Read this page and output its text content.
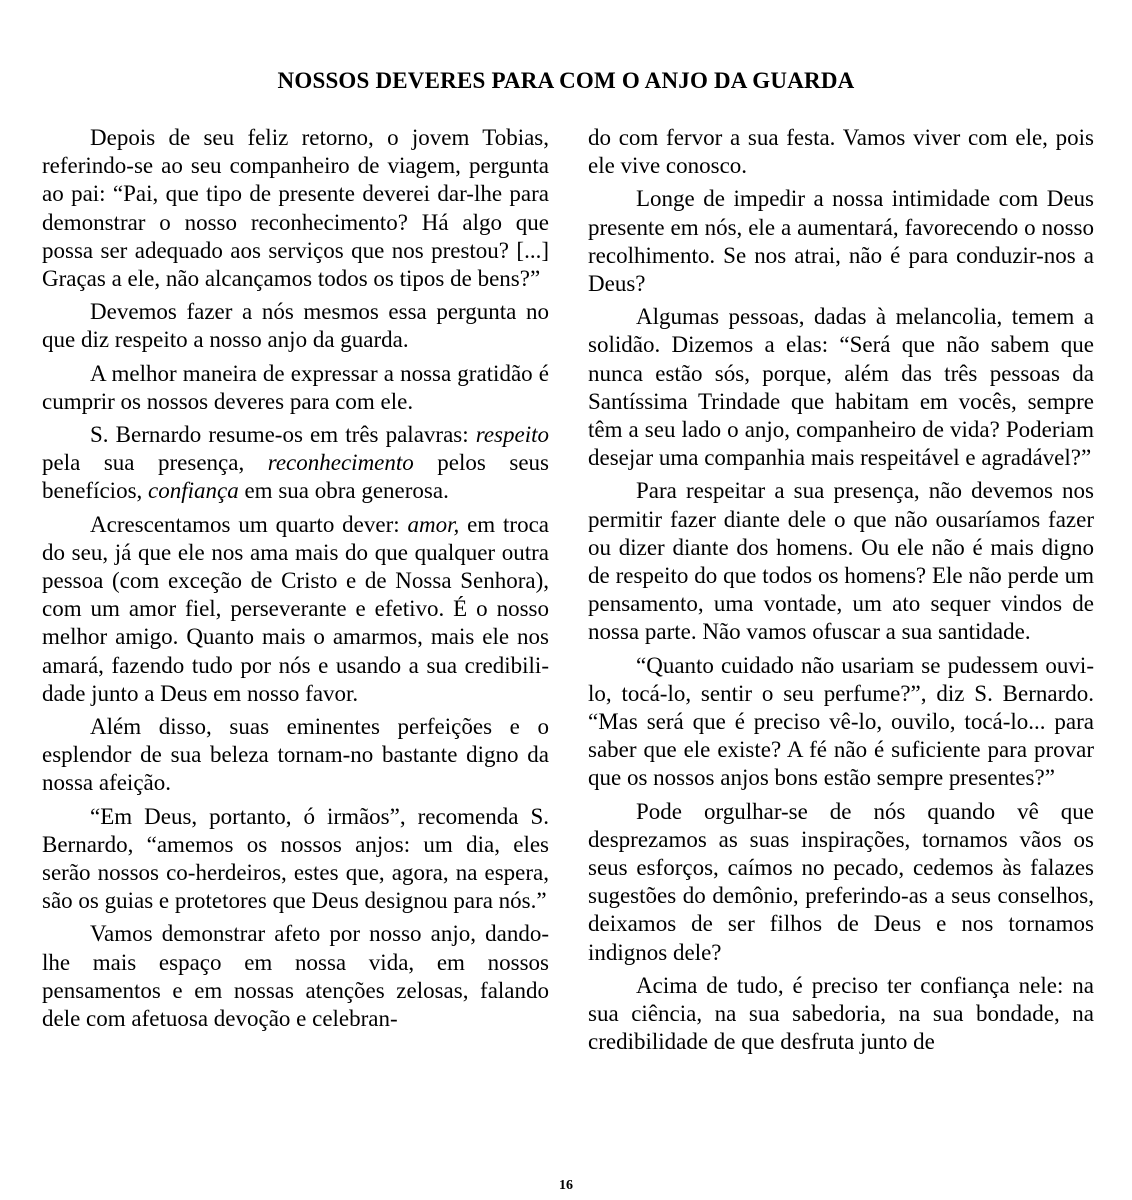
NOSSOS DEVERES PARA COM O ANJO DA GUARDA

Depois de seu feliz retorno, o jovem Tobias, referindo-se ao seu companheiro de viagem, pergunta ao pai: “Pai, que tipo de presente deverei dar-lhe para demonstrar o nosso reconhecimento? Há algo que possa ser adequado aos serviços que nos prestou? [...] Graças a ele, não alcançamos todos os tipos de bens?”

Devemos fazer a nós mesmos essa pergunta no que diz respeito a nosso anjo da guarda.

A melhor maneira de expressar a nossa gratidão é cumprir os nossos deveres para com ele.

S. Bernardo resume-os em três palavras: respeito pela sua presença, reconhecimento pelos seus benefícios, confiança em sua obra generosa.

Acrescentamos um quarto dever: amor, em troca do seu, já que ele nos ama mais do que qualquer outra pessoa (com exceção de Cristo e de Nossa Senhora), com um amor fiel, perseverante e efetivo. É o nosso melhor amigo. Quanto mais o amarmos, mais ele nos amará, fazendo tudo por nós e usando a sua credibilidade junto a Deus em nosso favor.

Além disso, suas eminentes perfeições e o esplendor de sua beleza tornam-no bastante digno da nossa afeição.

“Em Deus, portanto, ó irmãos”, recomenda S. Bernardo, “amemos os nossos anjos: um dia, eles serão nossos co-herdeiros, estes que, agora, na espera, são os guias e protetores que Deus designou para nós.”

Vamos demonstrar afeto por nosso anjo, dando-lhe mais espaço em nossa vida, em nossos pensamentos e em nossas atenções zelosas, falando dele com afetuosa devoção e celebran-

do com fervor a sua festa. Vamos viver com ele, pois ele vive conosco.

Longe de impedir a nossa intimidade com Deus presente em nós, ele a aumentará, favorecendo o nosso recolhimento. Se nos atrai, não é para conduzir-nos a Deus?

Algumas pessoas, dadas à melancolia, temem a solidão. Dizemos a elas: “Será que não sabem que nunca estão sós, porque, além das três pessoas da Santíssima Trindade que habitam em vocês, sempre têm a seu lado o anjo, companheiro de vida? Poderiam desejar uma companhia mais respeitável e agradável?”

Para respeitar a sua presença, não devemos nos permitir fazer diante dele o que não ousaríamos fazer ou dizer diante dos homens. Ou ele não é mais digno de respeito do que todos os homens? Ele não perde um pensamento, uma vontade, um ato sequer vindos de nossa parte. Não vamos ofuscar a sua santidade.

“Quanto cuidado não usariam se pudessem ouvi-lo, tocá-lo, sentir o seu perfume?”, diz S. Bernardo. “Mas será que é preciso vê-lo, ouvilo, tocá-lo... para saber que ele existe? A fé não é suficiente para provar que os nossos anjos bons estão sempre presentes?”

Pode orgulhar-se de nós quando vê que desprezamos as suas inspirações, tornamos vãos os seus esforços, caímos no pecado, cedemos às falazes sugestões do demônio, preferindo-as a seus conselhos, deixamos de ser filhos de Deus e nos tornamos indignos dele?

Acima de tudo, é preciso ter confiança nele: na sua ciência, na sua sabedoria, na sua bondade, na credibilidade de que desfruta junto de

16
